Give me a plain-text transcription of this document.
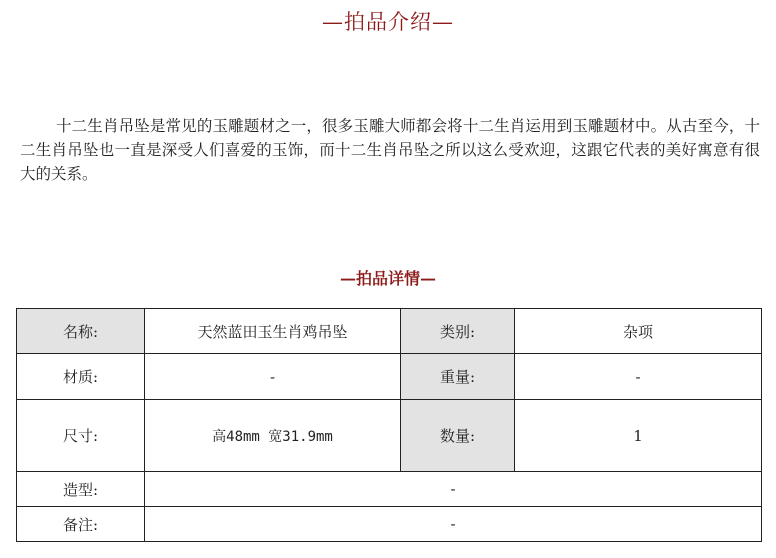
—拍品介绍—
十二生肖吊坠是常见的玉雕题材之一，很多玉雕大师都会将十二生肖运用到玉雕题材中。从古至今，十二生肖吊坠也一直是深受人们喜爱的玉饰，而十二生肖吊坠之所以这么受欢迎，这跟它代表的美好寓意有很大的关系。
—拍品详情—
名称:	天然蓝田玉生肖鸡吊坠	类别:	杂项
材质:	-	重量:	-
尺寸:	高48mm 宽31.9mm	数量:	1
造型:	-		
备注:	-		
